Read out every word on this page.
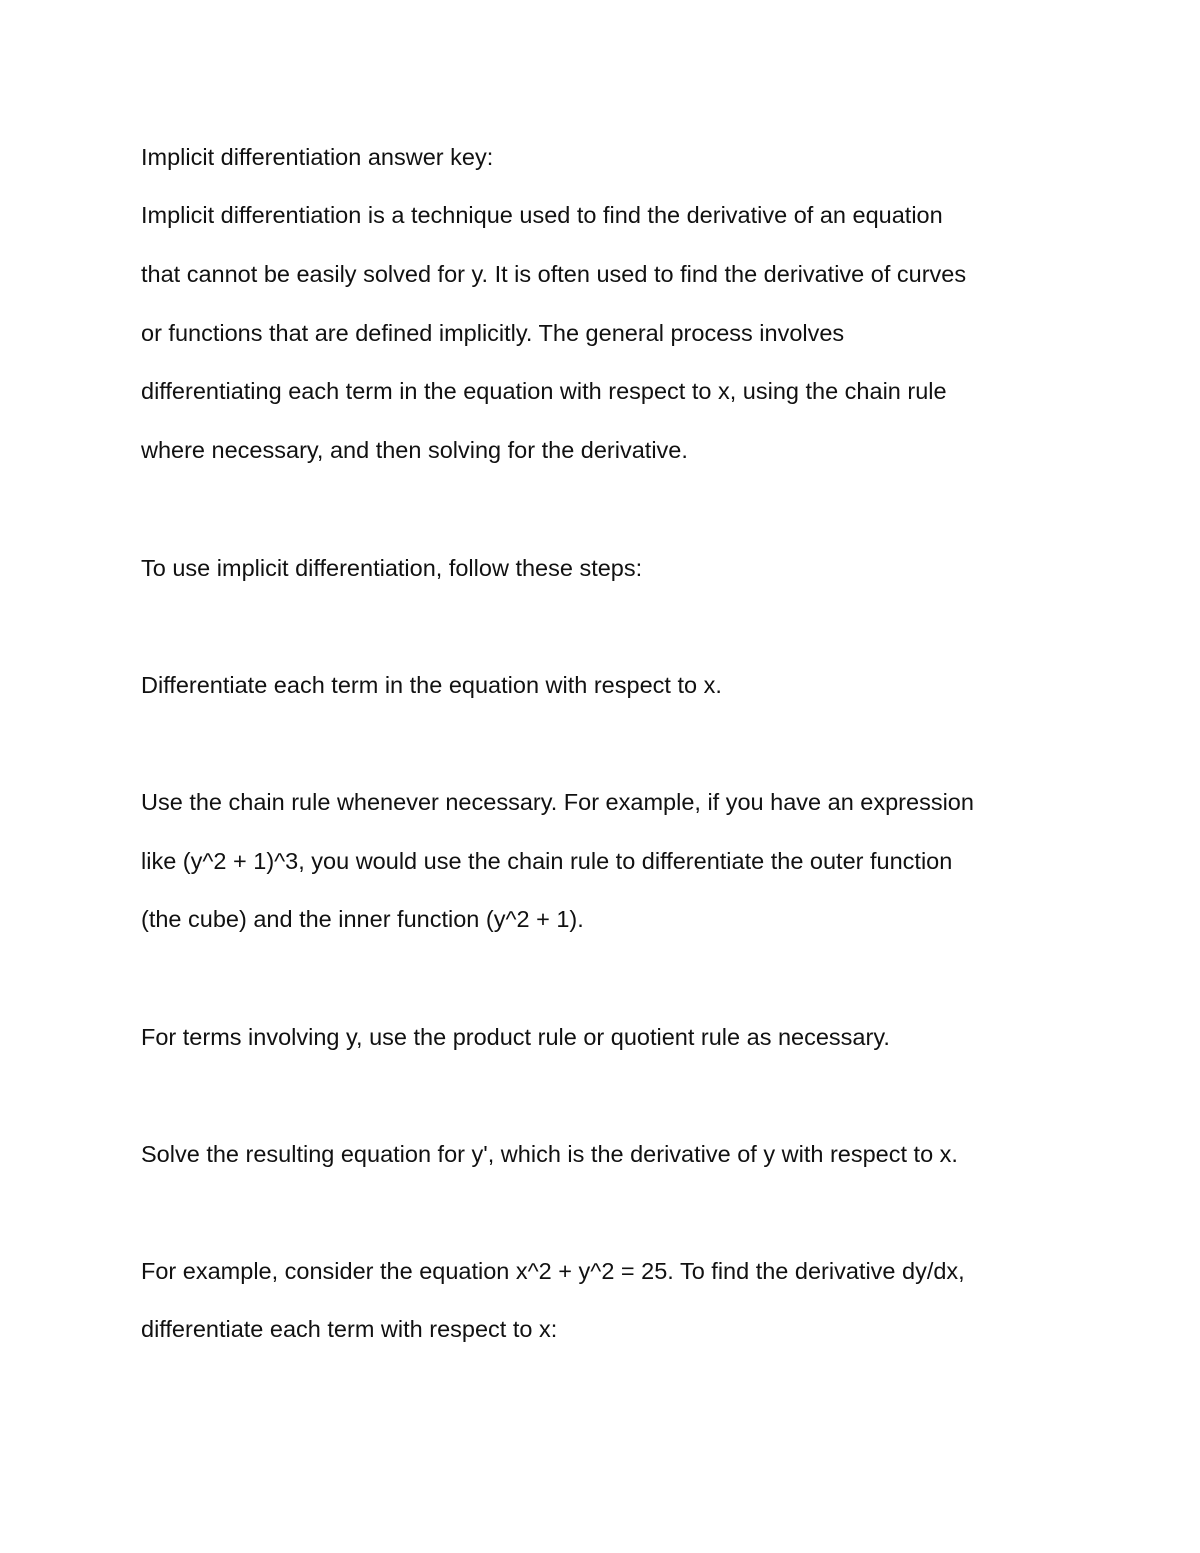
Implicit differentiation answer key:

Implicit differentiation is a technique used to find the derivative of an equation

that cannot be easily solved for y. It is often used to find the derivative of curves

or functions that are defined implicitly. The general process involves

differentiating each term in the equation with respect to x, using the chain rule

where necessary, and then solving for the derivative.

To use implicit differentiation, follow these steps:

Differentiate each term in the equation with respect to x.

Use the chain rule whenever necessary. For example, if you have an expression

like (y^2 + 1)^3, you would use the chain rule to differentiate the outer function

(the cube) and the inner function (y^2 + 1).

For terms involving y, use the product rule or quotient rule as necessary.

Solve the resulting equation for y', which is the derivative of y with respect to x.

For example, consider the equation x^2 + y^2 = 25. To find the derivative dy/dx,

differentiate each term with respect to x:
